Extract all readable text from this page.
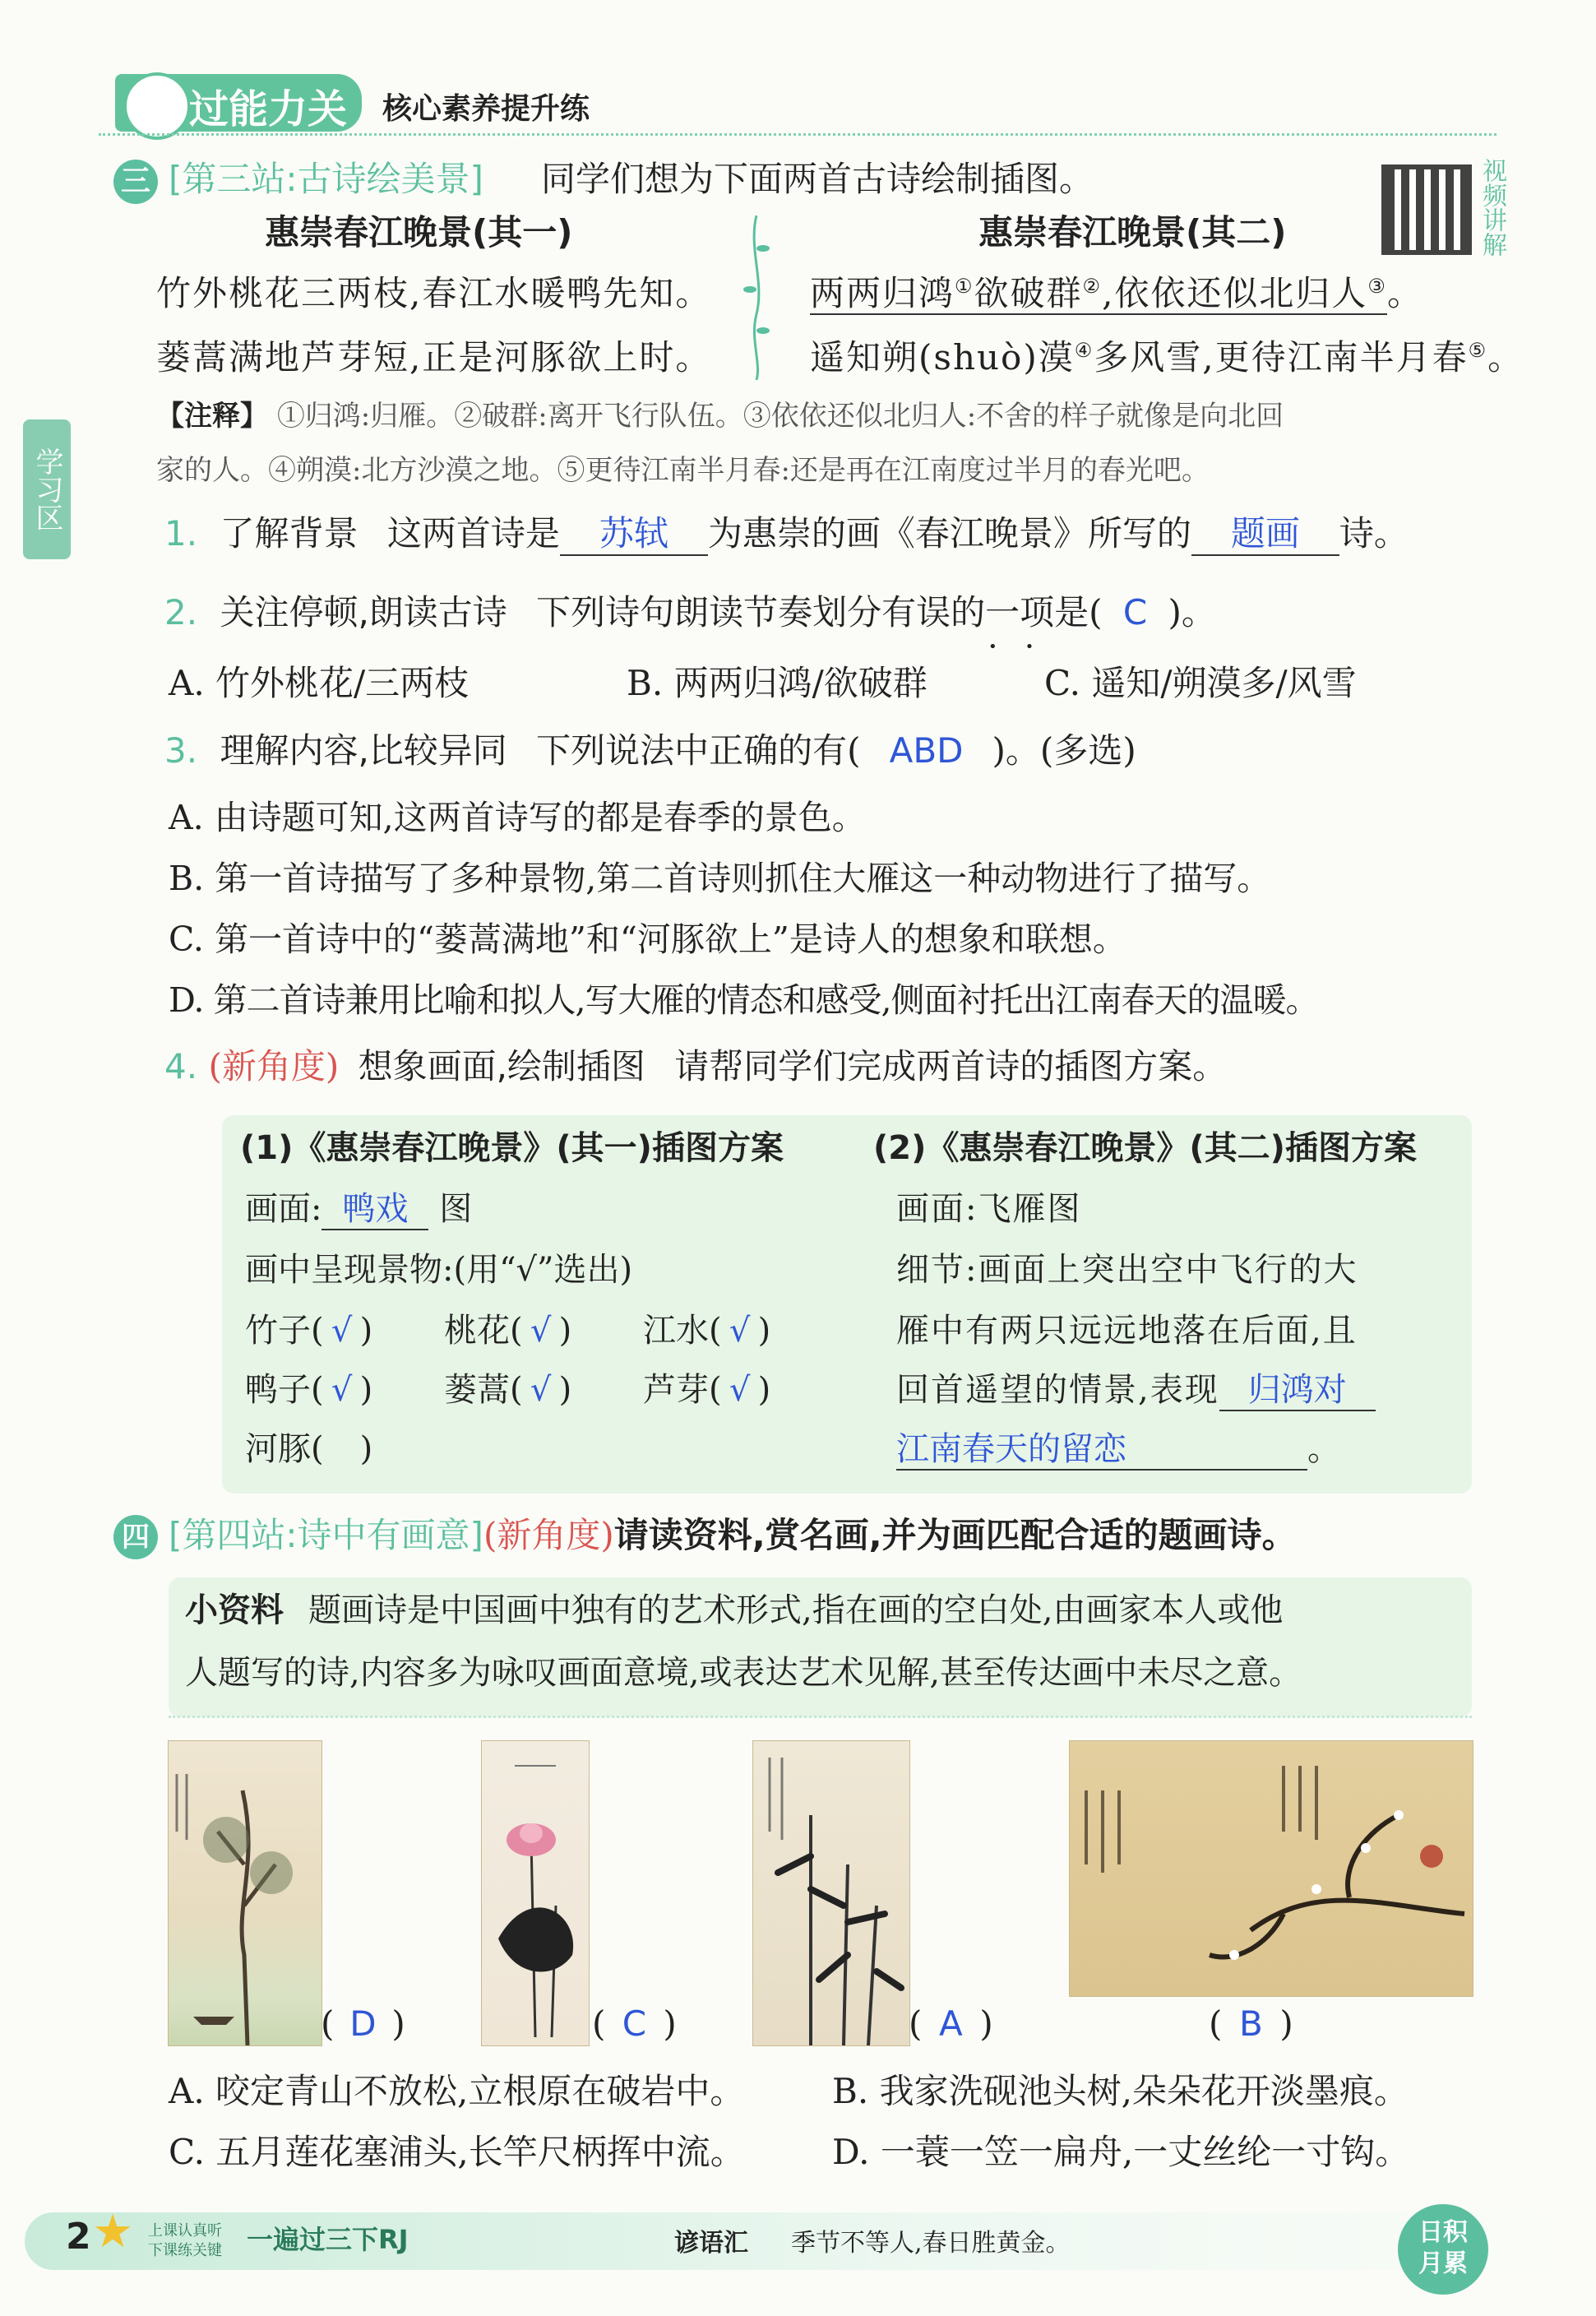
过能力关 核心素养提升练
学习区
三 [第三站:古诗绘美景] 同学们想为下面两首古诗绘制插图。	视频讲解
惠崇春江晚景(其一)	惠崇春江晚景(其二)
竹外桃花三两枝,春江水暖鸭先知。
蒌蒿满地芦芽短,正是河豚欲上时。
两两归鸿①欲破群②,依依还似北归人③。
遥知朔(shuò)漠④多风雪,更待江南半月春⑤。
【注释】 ①归鸿:归雁。②破群:离开飞行队伍。③依依还似北归人:不舍的样子就像是向北回
家的人。④朔漠:北方沙漠之地。⑤更待江南半月春:还是再在江南度过半月的春光吧。
1. 了解背景 这两首诗是 苏轼 为惠崇的画《春江晚景》所写的 题画 诗。
2. 关注停顿,朗读古诗 下列诗句朗读节奏划分有误的一项是( C )。
••
A. 竹外桃花/三两枝	B. 两两归鸿/欲破群	C. 遥知/朔漠多/风雪
3. 理解内容,比较异同 下列说法中正确的有( ABD )。(多选)
A. 由诗题可知,这两首诗写的都是春季的景色。
B. 第一首诗描写了多种景物,第二首诗则抓住大雁这一种动物进行了描写。
C. 第一首诗中的“蒌蒿满地”和“河豚欲上”是诗人的想象和联想。
D. 第二首诗兼用比喻和拟人,写大雁的情态和感受,侧面衬托出江南春天的温暖。
4. (新角度) 想象画面,绘制插图 请帮同学们完成两首诗的插图方案。
(1)《惠崇春江晚景》(其一)插图方案
画面: 鸭戏 图
画中呈现景物:(用“√”选出)
竹子( √ ) 桃花( √ ) 江水( √ )
鸭子( √ ) 蒌蒿( √ ) 芦芽( √ )
河豚( )
(2)《惠崇春江晚景》(其二)插图方案
画面:飞雁图
细节:画面上突出空中飞行的大
雁中有两只远远地落在后面,且
回首遥望的情景,表现 归鸿对
江南春天的留恋	。
四 [第四站:诗中有画意](新角度)请读资料,赏名画,并为画匹配合适的题画诗。
小资料 题画诗是中国画中独有的艺术形式,指在画的空白处,由画家本人或他
人题写的诗,内容多为咏叹画面意境,或表达艺术见解,甚至传达画中未尽之意。
( D )	( C )	( A )	( B )
A. 咬定青山不放松,立根原在破岩中。	B. 我家洗砚池头树,朵朵花开淡墨痕。
C. 五月莲花塞浦头,长竿尺柄挥中流。	D. 一蓑一笠一扁舟,一丈丝纶一寸钩。
2 ★ 上课认真听
下课练关键 一遍过三下RJ	谚语汇 季节不等人,春日胜黄金。	日积
月累
